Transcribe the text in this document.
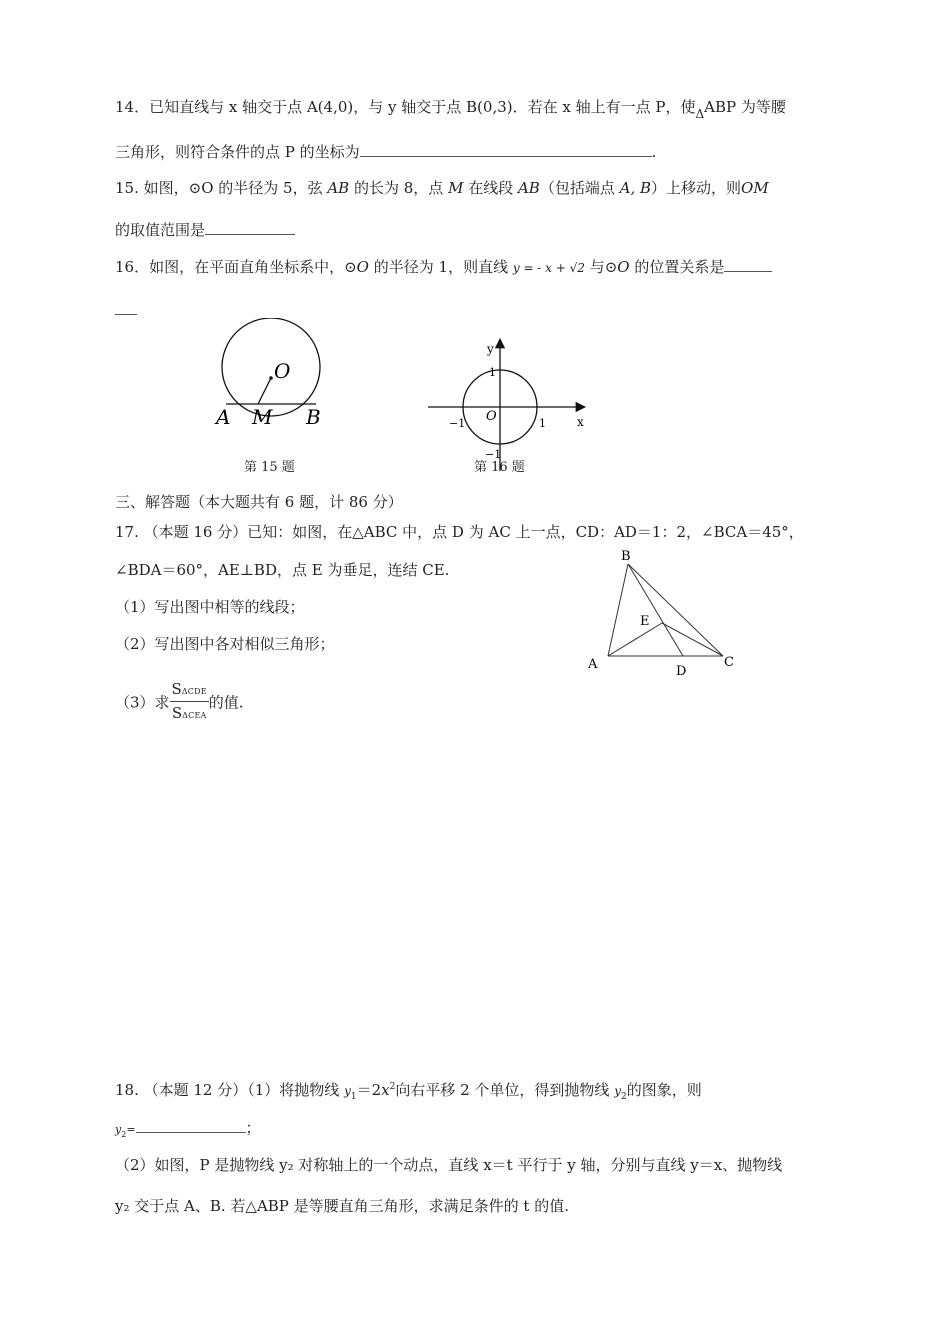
14．已知直线与 x 轴交于点 A(4,0)，与 y 轴交于点 B(0,3)．若在 x 轴上有一点 P，使$_\Delta$ABP 为等腰
三角形，则符合条件的点 P 的坐标为	.
15. 如图，⊙O 的半径为 5，弦 AB 的长为 8，点 M 在线段 AB（包括端点 A, B）上移动，则OM
的取值范围是
16．如图，在平面直角坐标系中，⊙O 的半径为 1，则直线 y = - x + √2 与⊙O 的位置关系是
O
A M B
第 15 题
y
x
O
1
−1	1
−1
第 16 题
三、解答题（本大题共有 6 题，计 86 分）
17. （本题 16 分）已知：如图，在△ABC 中，点 D 为 AC 上一点，CD：AD＝1：2，∠BCA＝45°，
∠BDA＝60°，AE⊥BD，点 E 为垂足，连结 CE.
（1）写出图中相等的线段；
（2）写出图中各对相似三角形；
（3）求 $\frac{\text{SΔCDE}}{\text{SΔCEA}}$ 的值.
B
E
A	D
C
18. （本题 12 分）（1）将抛物线 $y_1=2x^2$向右平移 2 个单位，得到抛物线 $y_2$的图象，则
$y_2=$	；
（2）如图，P 是抛物线 y₂ 对称轴上的一个动点，直线 x＝t 平行于 y 轴，分别与直线 y＝x、抛物线
y₂ 交于点 A、B. 若△ABP 是等腰直角三角形，求满足条件的 t 的值.
